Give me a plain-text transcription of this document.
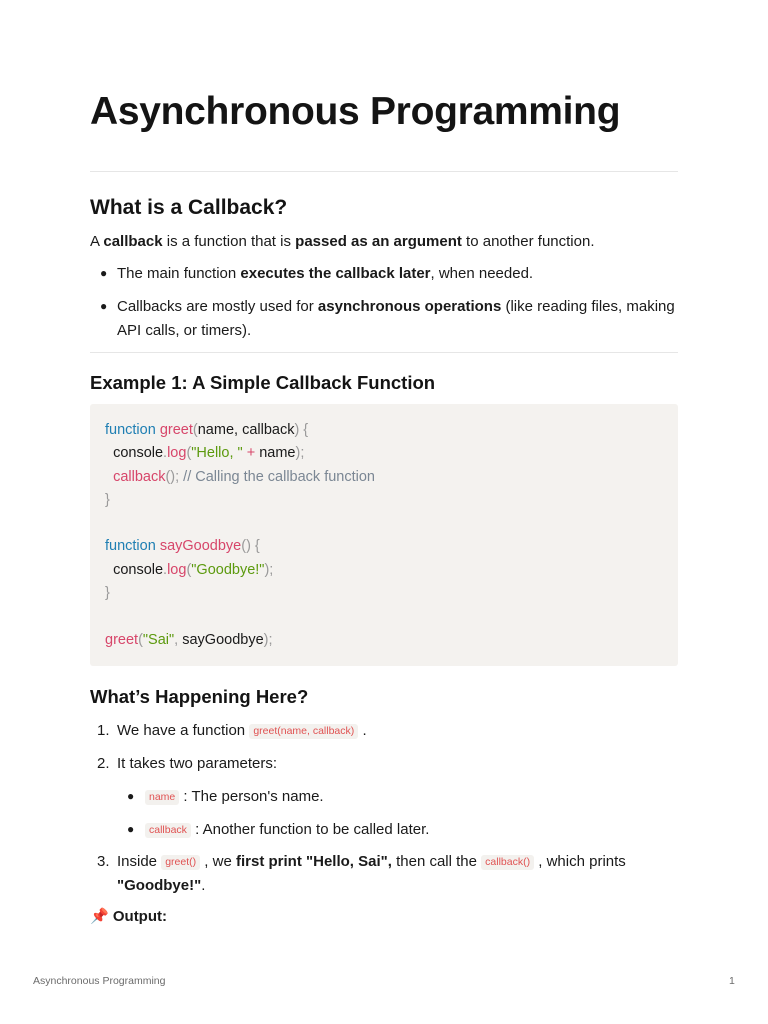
Asynchronous Programming
What is a Callback?

A callback is a function that is passed as an argument to another function.

● The main function executes the callback later, when needed.
● Callbacks are mostly used for asynchronous operations (like reading files, making API calls, or timers).
Example 1: A Simple Callback Function
function greet(name, callback) {
console.log("Hello, " + name);
callback(); // Calling the callback function
}

function sayGoodbye() {
console.log("Goodbye!");
}

greet("Sai", sayGoodbye);
What’s Happening Here?
1. We have a function greet(name, callback) .
2. It takes two parameters:
● name : The person's name.
● callback : Another function to be called later.
3. Inside greet() , we first print "Hello, Sai", then call the callback() , which prints
"Goodbye!".

📌 Output:

Asynchronous Programming	1
